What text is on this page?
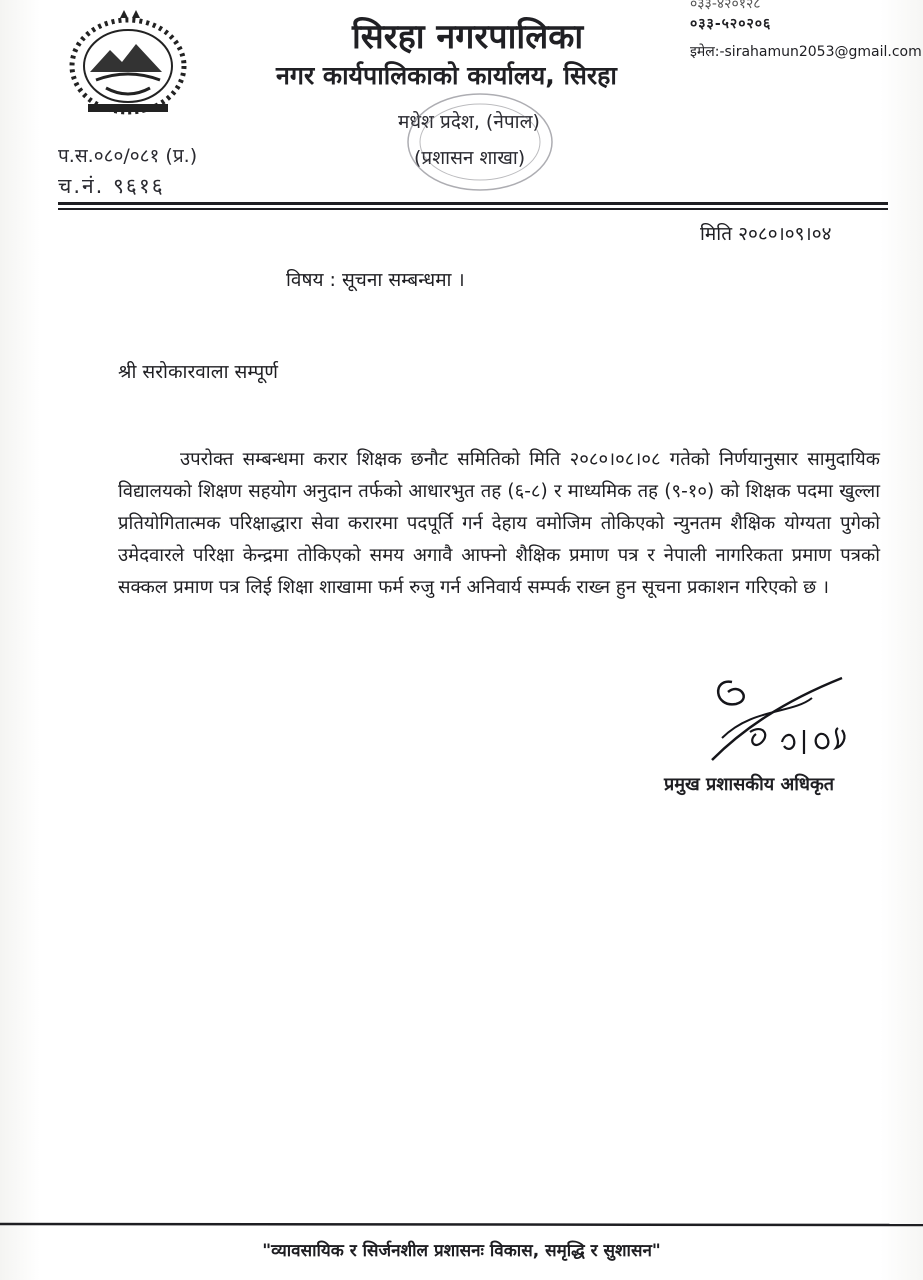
प.स.०८०/०८१ (प्र.)
च.नं. ९६१६
सिरहा नगरपालिका
नगर कार्यपालिकाको कार्यालय, सिरहा
मधेश प्रदेश, (नेपाल)
(प्रशासन शाखा)
०३३-४२०१२८
०३३-५२०२०६
इमेल:-sirahamun2053@gmail.com
मिति २०८०।०९।०४
विषय : सूचना सम्बन्धमा ।
श्री सरोकारवाला सम्पूर्ण
उपरोक्त सम्बन्धमा करार शिक्षक छनौट समितिको मिति २०८०।०८।०८ गतेको निर्णयानुसार सामुदायिक विद्यालयको शिक्षण सहयोग अनुदान तर्फको आधारभुत तह (६-८) र माध्यमिक तह (९-१०) को शिक्षक पदमा खुल्ला प्रतियोगितात्मक परिक्षाद्धारा सेवा करारमा पदपूर्ति गर्न देहाय वमोजिम तोकिएको न्युनतम शैक्षिक योग्यता पुगेको उमेदवारले परिक्षा केन्द्रमा तोकिएको समय अगावै आफ्नो शैक्षिक प्रमाण पत्र र नेपाली नागरिकता प्रमाण पत्रको सक्कल प्रमाण पत्र लिई शिक्षा शाखामा फर्म रुजु गर्न अनिवार्य सम्पर्क राख्न हुन सूचना प्रकाशन गरिएको छ ।
प्रमुख प्रशासकीय अधिकृत
"व्यावसायिक र सिर्जनशील प्रशासनः विकास, समृद्धि र सुशासन"
